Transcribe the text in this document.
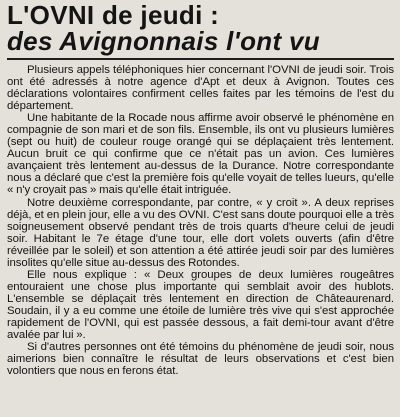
L'OVNI de jeudi :
des Avignonnais l'ont vu

Plusieurs appels téléphoniques hier concernant l'OVNI de jeudi soir. Trois ont été adressés à notre agence d'Apt et deux à Avignon. Toutes ces déclarations volontaires confirment celles faites par les témoins de l'est du département.

Une habitante de la Rocade nous affirme avoir observé le phénomène en compagnie de son mari et de son fils. Ensemble, ils ont vu plusieurs lumières (sept ou huit) de couleur rouge orangé qui se déplaçaient très lentement. Aucun bruit ce qui confirme que ce n'était pas un avion. Ces lumières avançaient très lentement au-dessus de la Durance. Notre correspondante nous a déclaré que c'est la première fois qu'elle voyait de telles lueurs, qu'elle « n'y croyait pas » mais qu'elle était intriguée.

Notre deuxième correspondante, par contre, « y croit ». A deux reprises déjà, et en plein jour, elle a vu des OVNI. C'est sans doute pourquoi elle a très soigneusement observé pendant très de trois quarts d'heure celui de jeudi soir. Habitant le 7e étage d'une tour, elle dort volets ouverts (afin d'être réveillée par le soleil) et son attention a été attirée jeudi soir par des lumières insolites qu'elle situe au-dessus des Rotondes.

Elle nous explique : « Deux groupes de deux lumières rougeâtres entouraient une chose plus importante qui semblait avoir des hublots. L'ensemble se déplaçait très lentement en direction de Châteaurenard. Soudain, il y a eu comme une étoile de lumière très vive qui s'est approchée rapidement de l'OVNI, qui est passée dessous, a fait demi-tour avant d'être avalée par lui ».

Si d'autres personnes ont été témoins du phénomène de jeudi soir, nous aimerions bien connaître le résultat de leurs observations et c'est bien volontiers que nous en ferons état.
